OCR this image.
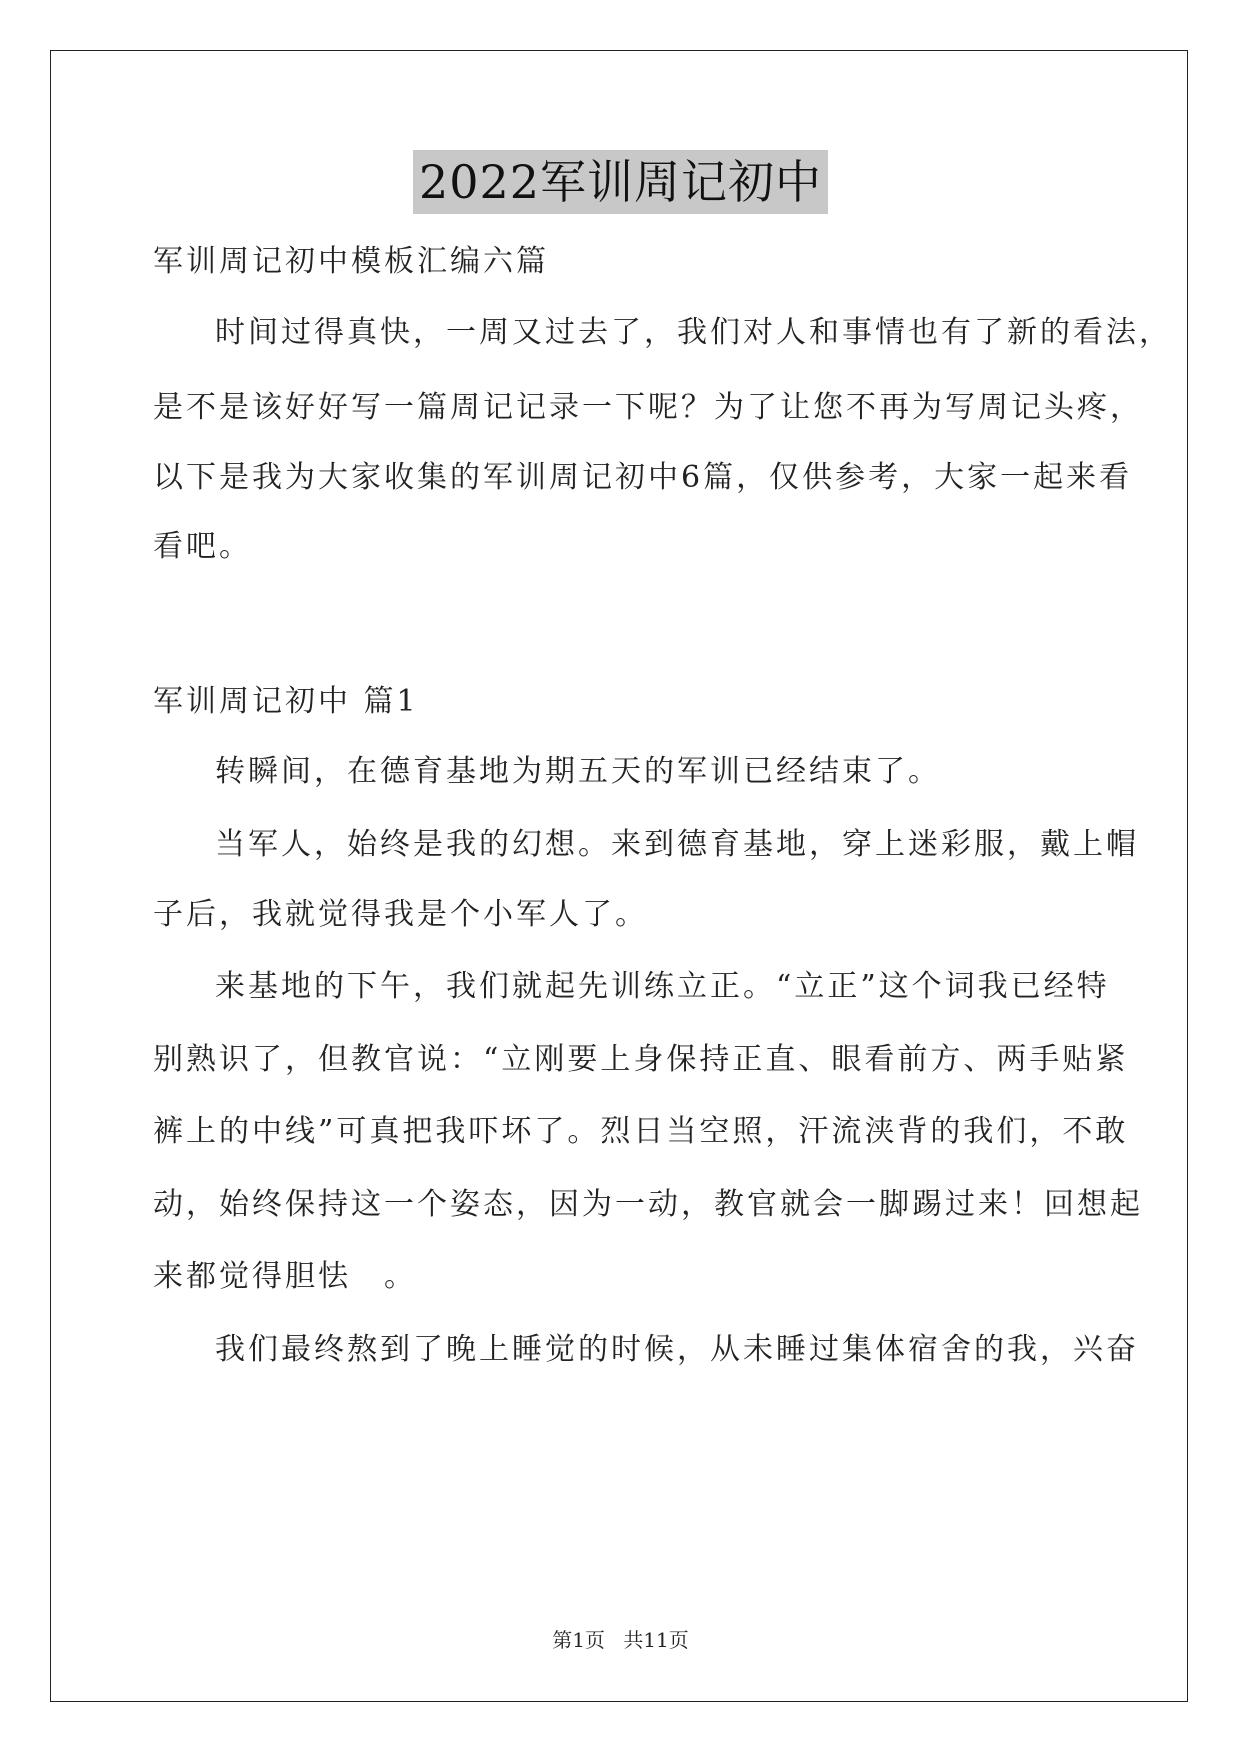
2022军训周记初中
军训周记初中模板汇编六篇
时间过得真快，一周又过去了，我们对人和事情也有了新的看法，
是不是该好好写一篇周记记录一下呢？为了让您不再为写周记头疼，
以下是我为大家收集的军训周记初中6篇，仅供参考，大家一起来看
看吧。
军训周记初中 篇1
转瞬间，在德育基地为期五天的军训已经结束了。
当军人，始终是我的幻想。来到德育基地，穿上迷彩服，戴上帽
子后，我就觉得我是个小军人了。
来基地的下午，我们就起先训练立正。“立正”这个词我已经特
别熟识了，但教官说：“立刚要上身保持正直、眼看前方、两手贴紧
裤上的中线”可真把我吓坏了。烈日当空照，汗流浃背的我们，不敢
动，始终保持这一个姿态，因为一动，教官就会一脚踢过来！回想起
来都觉得胆怯　。
我们最终熬到了晚上睡觉的时候，从未睡过集体宿舍的我，兴奋
第1页 共11页
